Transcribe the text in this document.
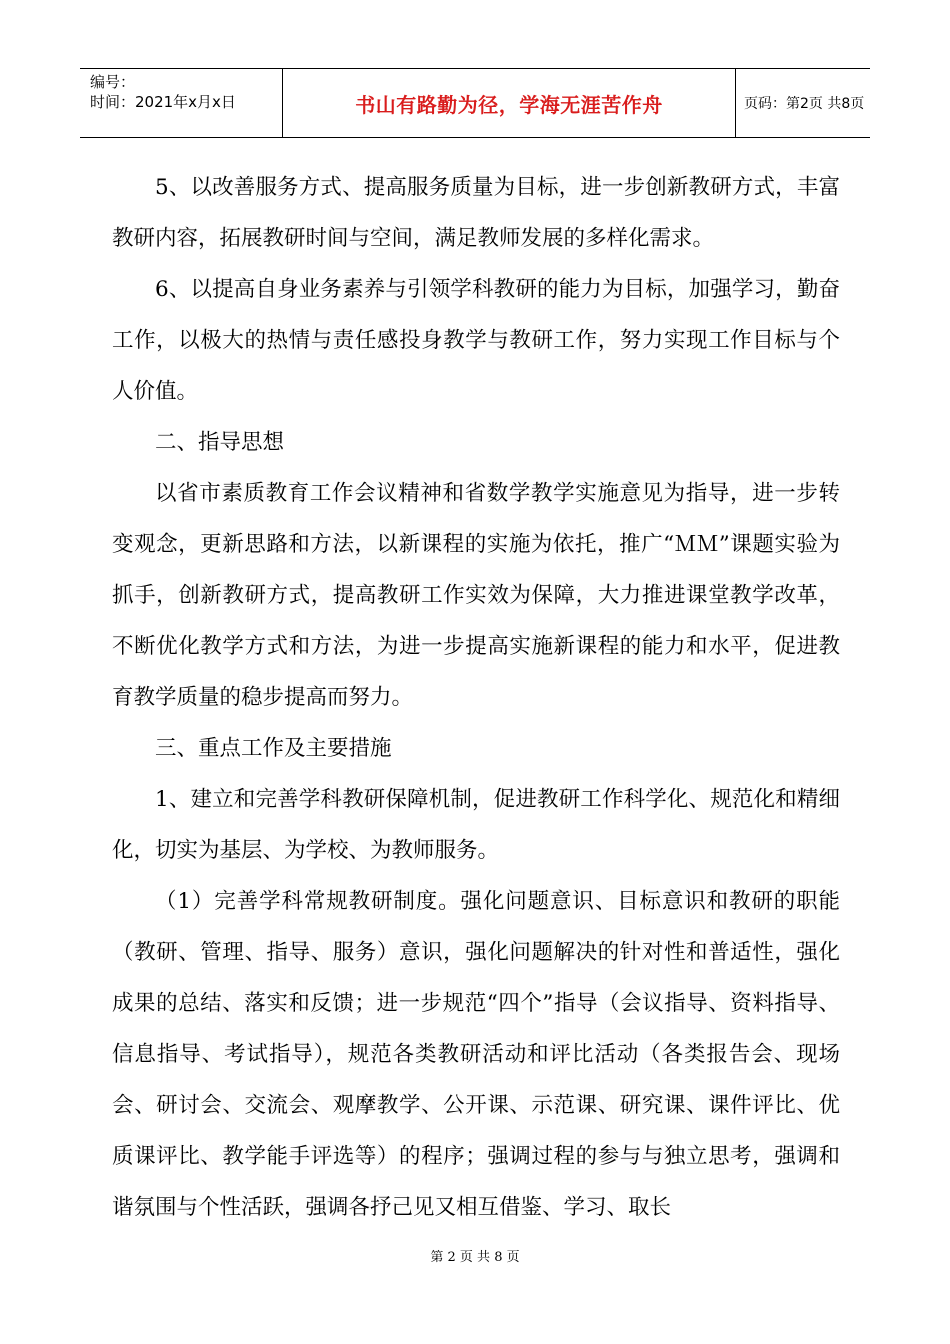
编号：
时间：2021年x月x日	书山有路勤为径，学海无涯苦作舟	页码：第2页 共8页

5、以改善服务方式、提高服务质量为目标，进一步创新教研方式，丰富教研内容，拓展教研时间与空间，满足教师发展的多样化需求。

6、以提高自身业务素养与引领学科教研的能力为目标，加强学习，勤奋工作，以极大的热情与责任感投身教学与教研工作，努力实现工作目标与个人价值。

二、指导思想

以省市素质教育工作会议精神和省数学教学实施意见为指导，进一步转变观念，更新思路和方法，以新课程的实施为依托，推广“ＭＭ”课题实验为抓手，创新教研方式，提高教研工作实效为保障，大力推进课堂教学改革，不断优化教学方式和方法，为进一步提高实施新课程的能力和水平，促进教育教学质量的稳步提高而努力。

三、重点工作及主要措施

1、建立和完善学科教研保障机制，促进教研工作科学化、规范化和精细化，切实为基层、为学校、为教师服务。

（1）完善学科常规教研制度。强化问题意识、目标意识和教研的职能（教研、管理、指导、服务）意识，强化问题解决的针对性和普适性，强化成果的总结、落实和反馈；进一步规范“四个”指导（会议指导、资料指导、信息指导、考试指导），规范各类教研活动和评比活动（各类报告会、现场会、研讨会、交流会、观摩教学、公开课、示范课、研究课、课件评比、优质课评比、教学能手评选等）的程序；强调过程的参与与独立思考，强调和谐氛围与个性活跃，强调各抒己见又相互借鉴、学习、取长

第 2 页 共 8 页
